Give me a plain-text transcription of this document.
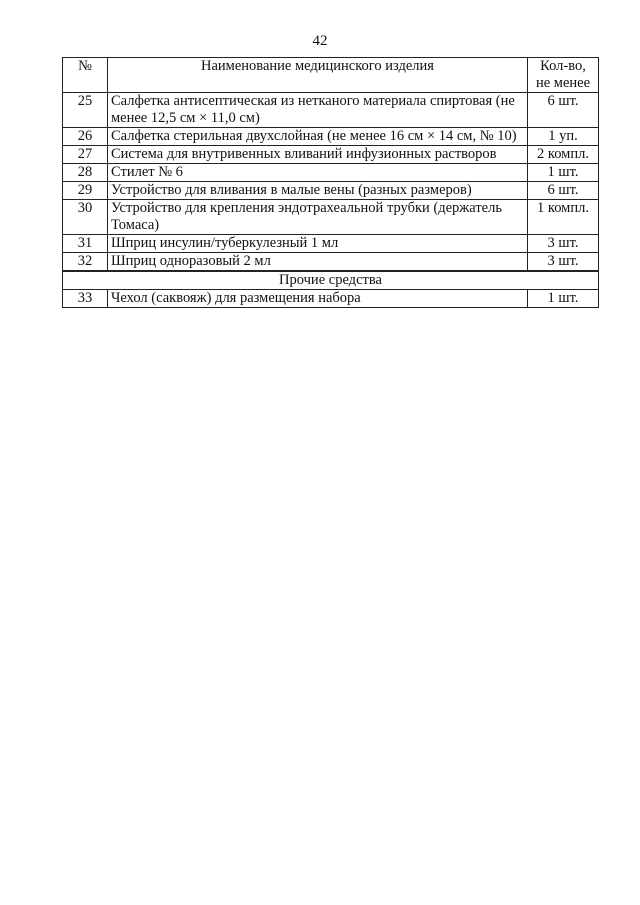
42
№	Наименование медицинского изделия	Кол-во,
не менее

25	Салфетка антисептическая из нетканого материала спиртовая (не менее 12,5 см × 11,0 см)	6 шт.
26	Салфетка стерильная двухслойная (не менее 16 см × 14 см, № 10)	1 уп.
27	Система для внутривенных вливаний инфузионных растворов	2 компл.
28	Стилет № 6	1 шт.
29	Устройство для вливания в малые вены (разных размеров)	6 шт.
30	Устройство для крепления эндотрахеальной трубки (держатель Томаса)	1 компл.
31	Шприц инсулин/туберкулезный 1 мл	3 шт.
32	Шприц одноразовый 2 мл	3 шт.
Прочие средства		
33	Чехол (саквояж) для размещения набора	1 шт.
